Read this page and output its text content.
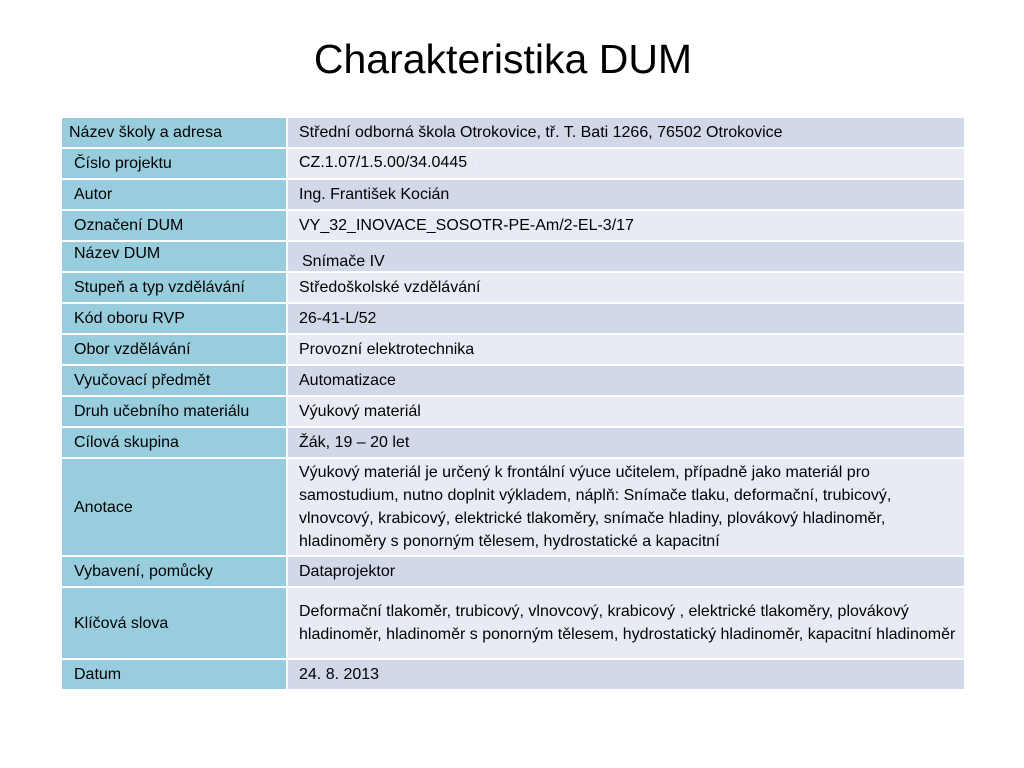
Charakteristika DUM
Název školy a adresa	Střední odborná škola Otrokovice, tř. T. Bati 1266, 76502 Otrokovice
Číslo projektu	CZ.1.07/1.5.00/34.0445 □□
Autor	Ing. František Kocián
Označení DUM	VY_32_INOVACE_SOSOTR-PE-Am/2-EL-3/17
Název DUM	Snímače IV
Stupeň a typ vzdělávání	Středoškolské vzdělávání
Kód oboru RVP	26-41-L/52
Obor vzdělávání	Provozní elektrotechnika
Vyučovací předmět	Automatizace
Druh učebního materiálu	Výukový materiál
Cílová skupina	Žák, 19 – 20 let
Anotace	Výukový materiál je určený k frontální výuce učitelem, případně jako materiál pro samostudium, nutno doplnit výkladem, náplň: Snímače tlaku, deformační, trubicový, vlnovcový, krabicový, elektrické tlakoměry, snímače hladiny, plovákový hladinoměr, hladinoměry s ponorným tělesem, hydrostatické a kapacitní
Vybavení, pomůcky	Dataprojektor
Klíčová slova	Deformační tlakoměr, trubicový, vlnovcový, krabicový , elektrické tlakoměry, plovákový hladinoměr, hladinoměr s ponorným tělesem, hydrostatický hladinoměr, kapacitní hladinoměr
Datum	24. 8. 2013
